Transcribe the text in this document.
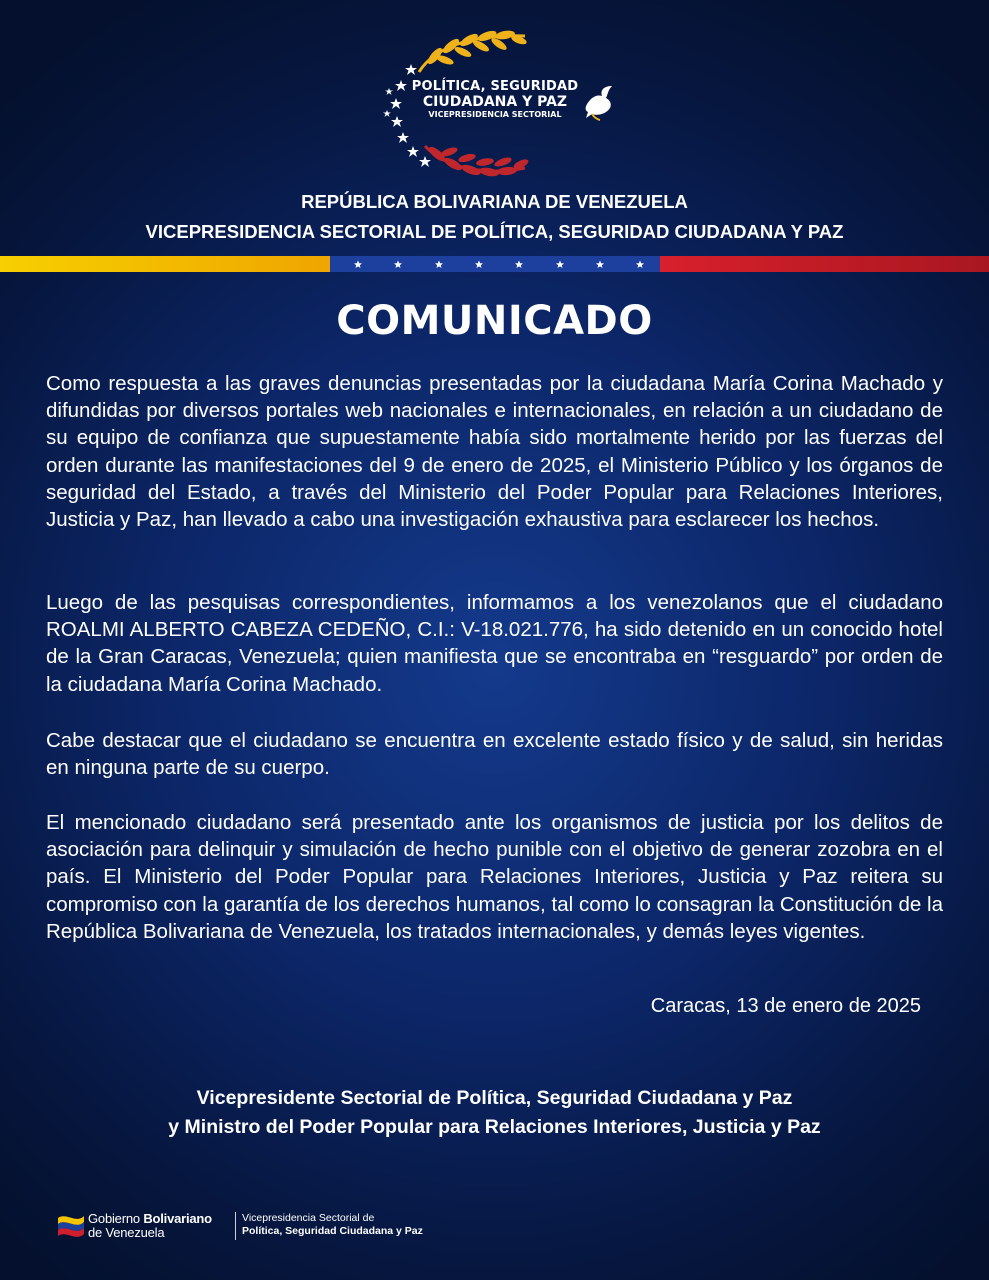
POLÍTICA, SEGURIDAD
CIUDADANA Y PAZ
VICEPRESIDENCIA SECTORIAL
REPÚBLICA BOLIVARIANA DE VENEZUELA
VICEPRESIDENCIA SECTORIAL DE POLÍTICA, SEGURIDAD CIUDADANA Y PAZ
COMUNICADO

Como respuesta a las graves denuncias presentadas por la ciudadana María Corina Machado y difundidas por diversos portales web nacionales e internacionales, en relación a un ciudadano de su equipo de confianza que supuestamente había sido mortalmente herido por las fuerzas del orden durante las manifestaciones del 9 de enero de 2025, el Ministerio Público y los órganos de seguridad del Estado, a través del Ministerio del Poder Popular para Relaciones Interiores, Justicia y Paz, han llevado a cabo una investigación exhaustiva para esclarecer los hechos.

Luego de las pesquisas correspondientes, informamos a los venezolanos que el ciudadano ROALMI ALBERTO CABEZA CEDEÑO, C.I.: V-18.021.776, ha sido detenido en un conocido hotel de la Gran Caracas, Venezuela; quien manifiesta que se encontraba en “resguardo” por orden de la ciudadana María Corina Machado.

Cabe destacar que el ciudadano se encuentra en excelente estado físico y de salud, sin heridas en ninguna parte de su cuerpo.

El mencionado ciudadano será presentado ante los organismos de justicia por los delitos de asociación para delinquir y simulación de hecho punible con el objetivo de generar zozobra en el país. El Ministerio del Poder Popular para Relaciones Interiores, Justicia y Paz reitera su compromiso con la garantía de los derechos humanos, tal como lo consagran la Constitución de la República Bolivariana de Venezuela, los tratados internacionales, y demás leyes vigentes.

Caracas, 13 de enero de 2025
Vicepresidente Sectorial de Política, Seguridad Ciudadana y Paz
y Ministro del Poder Popular para Relaciones Interiores, Justicia y Paz
Gobierno Bolivariano
de Venezuela
Vicepresidencia Sectorial de
Política, Seguridad Ciudadana y Paz
